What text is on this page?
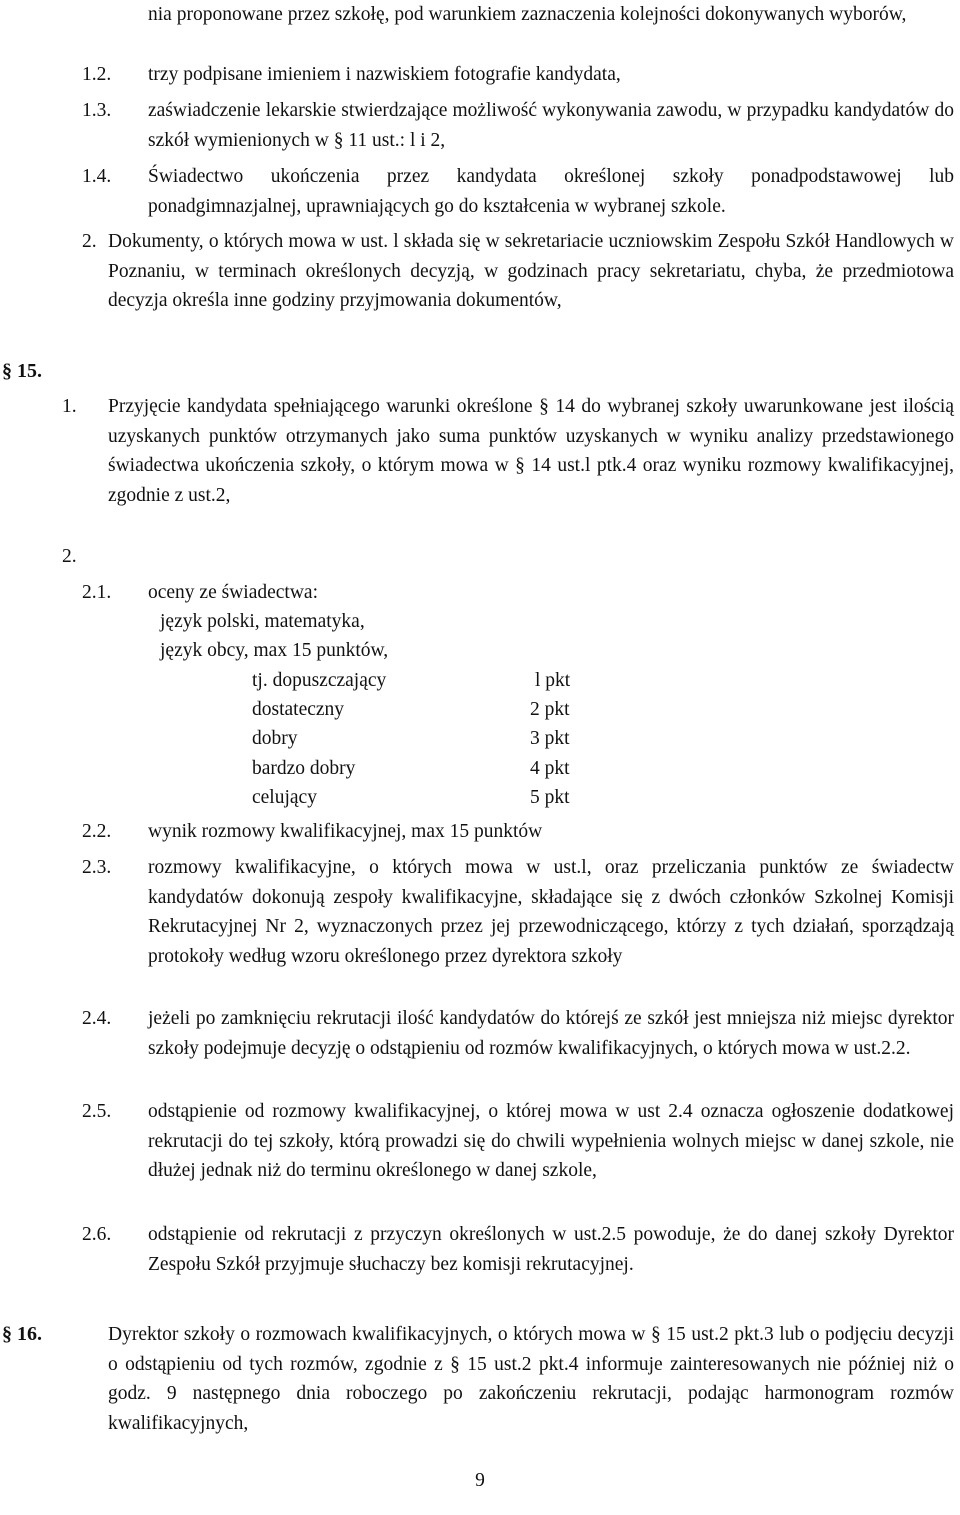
nia proponowane przez szkołę, pod warunkiem zaznaczenia kolejności dokonywanych wyborów,
1.2. trzy podpisane imieniem i nazwiskiem fotografie kandydata,
1.3. zaświadczenie lekarskie stwierdzające możliwość wykonywania zawodu, w przypadku kandydatów do szkół wymienionych w § 11 ust.: l i 2,
1.4. Świadectwo ukończenia przez kandydata określonej szkoły ponadpodstawowej lub ponadgimnazjalnej, uprawniających go do kształcenia w wybranej szkole.
2. Dokumenty, o których mowa w ust. l składa się w sekretariacie uczniowskim Zespołu Szkół Handlowych w Poznaniu, w terminach określonych decyzją, w godzinach pracy sekretariatu, chyba, że przedmiotowa decyzja określa inne godziny przyjmowania dokumentów,
§ 15.
1. Przyjęcie kandydata spełniającego warunki określone § 14 do wybranej szkoły uwarunkowane jest ilością uzyskanych punktów otrzymanych jako suma punktów uzyskanych w wyniku analizy przedstawionego świadectwa ukończenia szkoły, o którym mowa w § 14 ust.l ptk.4 oraz wyniku rozmowy kwalifikacyjnej, zgodnie z ust.2,
2.
2.1. oceny ze świadectwa:
język polski, matematyka,
język obcy, max 15 punktów,
tj. dopuszczający	l pkt
dostateczny	2 pkt
dobry	3 pkt
bardzo dobry	4 pkt
celujący	5 pkt
2.2. wynik rozmowy kwalifikacyjnej, max 15 punktów
2.3. rozmowy kwalifikacyjne, o których mowa w ust.l, oraz przeliczania punktów ze świadectw kandydatów dokonują zespoły kwalifikacyjne, składające się z dwóch członków Szkolnej Komisji Rekrutacyjnej Nr 2, wyznaczonych przez jej przewodniczącego, którzy z tych działań, sporządzają protokoły według wzoru określonego przez dyrektora szkoły
2.4. jeżeli po zamknięciu rekrutacji ilość kandydatów do którejś ze szkół jest mniejsza niż miejsc dyrektor szkoły podejmuje decyzję o odstąpieniu od rozmów kwalifikacyjnych, o których mowa w ust.2.2.
2.5. odstąpienie od rozmowy kwalifikacyjnej, o której mowa w ust 2.4 oznacza ogłoszenie dodatkowej rekrutacji do tej szkoły, którą prowadzi się do chwili wypełnienia wolnych miejsc w danej szkole, nie dłużej jednak niż do terminu określonego w danej szkole,
2.6. odstąpienie od rekrutacji z przyczyn określonych w ust.2.5 powoduje, że do danej szkoły Dyrektor Zespołu Szkół przyjmuje słuchaczy bez komisji rekrutacyjnej.
§ 16.	Dyrektor szkoły o rozmowach kwalifikacyjnych, o których mowa w § 15 ust.2 pkt.3 lub o podjęciu decyzji o odstąpieniu od tych rozmów, zgodnie z § 15 ust.2 pkt.4 informuje zainteresowanych nie później niż o godz. 9 następnego dnia roboczego po zakończeniu rekrutacji, podając harmonogram rozmów kwalifikacyjnych,
9
